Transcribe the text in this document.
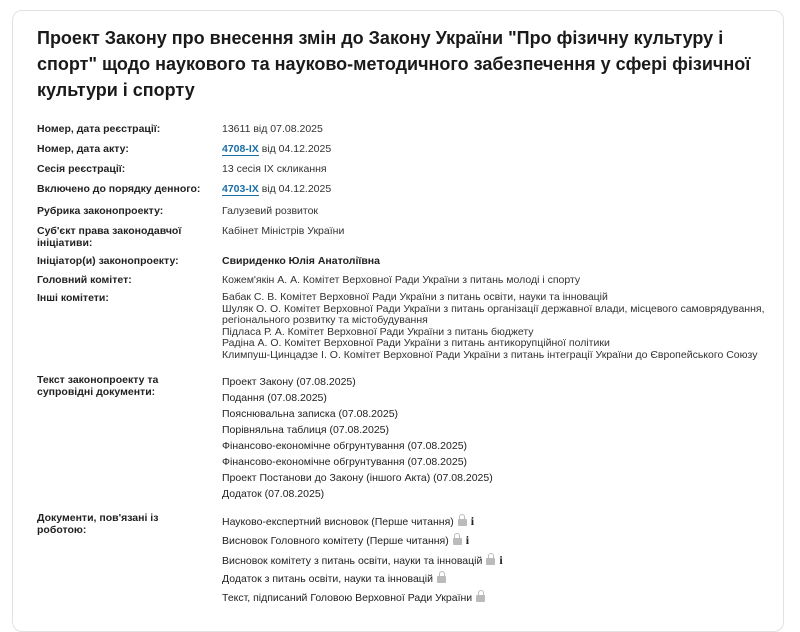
Проект Закону про внесення змін до Закону України "Про фізичну культуру і спорт" щодо наукового та науково-методичного забезпечення у сфері фізичної культури і спорту
Номер, дата реєстрації:	13611 від 07.08.2025
Номер, дата акту:	4708-IX від 04.12.2025
Сесія реєстрації:	13 сесія IX скликання
Включено до порядку денного:	4703-IX від 04.12.2025
Рубрика законопроекту:	Галузевий розвиток
Суб'єкт права законодавчої ініціативи:
Кабінет Міністрів України
Ініціатор(и) законопроекту:	Свириденко Юлія Анатоліївна
Головний комітет:	Кожем'якін А. А. Комітет Верховної Ради України з питань молоді і спорту
Інші комітети:	Бабак С. В. Комітет Верховної Ради України з питань освіти, науки та інновацій
Шуляк О. О. Комітет Верховної Ради України з питань організації державної влади, місцевого самоврядування, регіонального розвитку та містобудування
Підласа Р. А. Комітет Верховної Ради України з питань бюджету
Радіна А. О. Комітет Верховної Ради України з питань антикорупційної політики
Климпуш-Цинцадзе І. О. Комітет Верховної Ради України з питань інтеграції України до Європейського Союзу
Текст законопроекту та супровідні документи:
Проект Закону (07.08.2025)
Подання (07.08.2025)
Пояснювальна записка (07.08.2025)
Порівняльна таблиця (07.08.2025)
Фінансово-економічне обгрунтування (07.08.2025)
Фінансово-економічне обгрунтування (07.08.2025)
Проект Постанови до Закону (іншого Акта) (07.08.2025)
Додаток (07.08.2025)
Документи, пов'язані із роботою:
Науково-експертний висновок (Перше читання) i
Висновок Головного комітету (Перше читання) i
Висновок комітету з питань освіти, науки та інновацій i
Додаток з питань освіти, науки та інновацій
Текст, підписаний Головою Верховної Ради України
